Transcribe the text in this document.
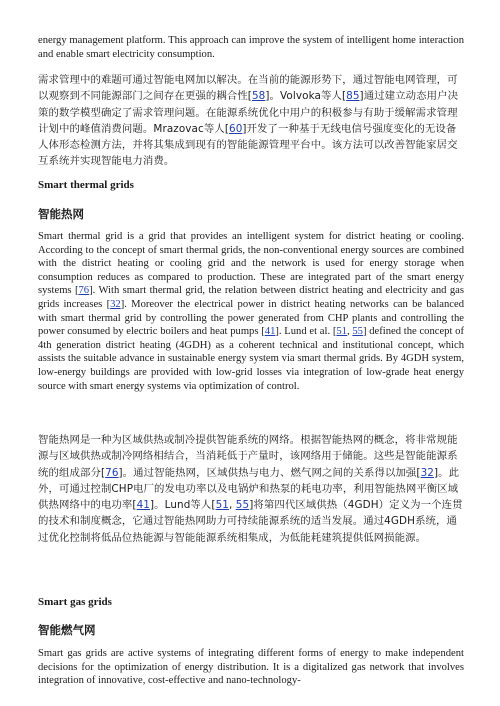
energy management platform. This approach can improve the system of intelligent home interaction and enable smart electricity consumption.

需求管理中的难题可通过智能电网加以解决。在当前的能源形势下，通过智能电网管理，可以观察到不同能源部门之间存在更强的耦合性[58]。Volvoka等人[85]通过建立动态用户决策的数学模型确定了需求管理问题。在能源系统优化中用户的积极参与有助于缓解需求管理计划中的峰值消费问题。Mrazovac等人[60]开发了一种基于无线电信号强度变化的无设备人体形态检测方法，并将其集成到现有的智能能源管理平台中。该方法可以改善智能家居交互系统并实现智能电力消费。

Smart thermal grids

智能热网

Smart thermal grid is a grid that provides an intelligent system for district heating or cooling. According to the concept of smart thermal grids, the non-conventional energy sources are combined with the district heating or cooling grid and the network is used for energy storage when consumption reduces as compared to production. These are integrated part of the smart energy systems [76]. With smart thermal grid, the relation between district heating and electricity and gas grids increases [32]. Moreover the electrical power in district heating networks can be balanced with smart thermal grid by controlling the power generated from CHP plants and controlling the power consumed by electric boilers and heat pumps [41]. Lund et al. [51, 55] defined the concept of 4th generation district heating (4GDH) as a coherent technical and institutional concept, which assists the suitable advance in sustainable energy system via smart thermal grids. By 4GDH system, low-energy buildings are provided with low-grid losses via integration of low-grade heat energy source with smart energy systems via optimization of control.

智能热网是一种为区域供热或制冷提供智能系统的网络。根据智能热网的概念，将非常规能源与区域供热或制冷网络相结合，当消耗低于产量时，该网络用于储能。这些是智能能源系统的组成部分[76]。通过智能热网，区域供热与电力、燃气网之间的关系得以加强[32]。此外，可通过控制CHP电厂的发电功率以及电锅炉和热泵的耗电功率，利用智能热网平衡区域供热网络中的电功率[41]。Lund等人[51, 55]将第四代区域供热（4GDH）定义为一个连贯的技术和制度概念，它通过智能热网助力可持续能源系统的适当发展。通过4GDH系统，通过优化控制将低品位热能源与智能能源系统相集成，为低能耗建筑提供低网损能源。

Smart gas grids

智能燃气网

Smart gas grids are active systems of integrating different forms of energy to make independent decisions for the optimization of energy distribution. It is a digitalized gas network that involves integration of innovative, cost-effective and nano-technology-
